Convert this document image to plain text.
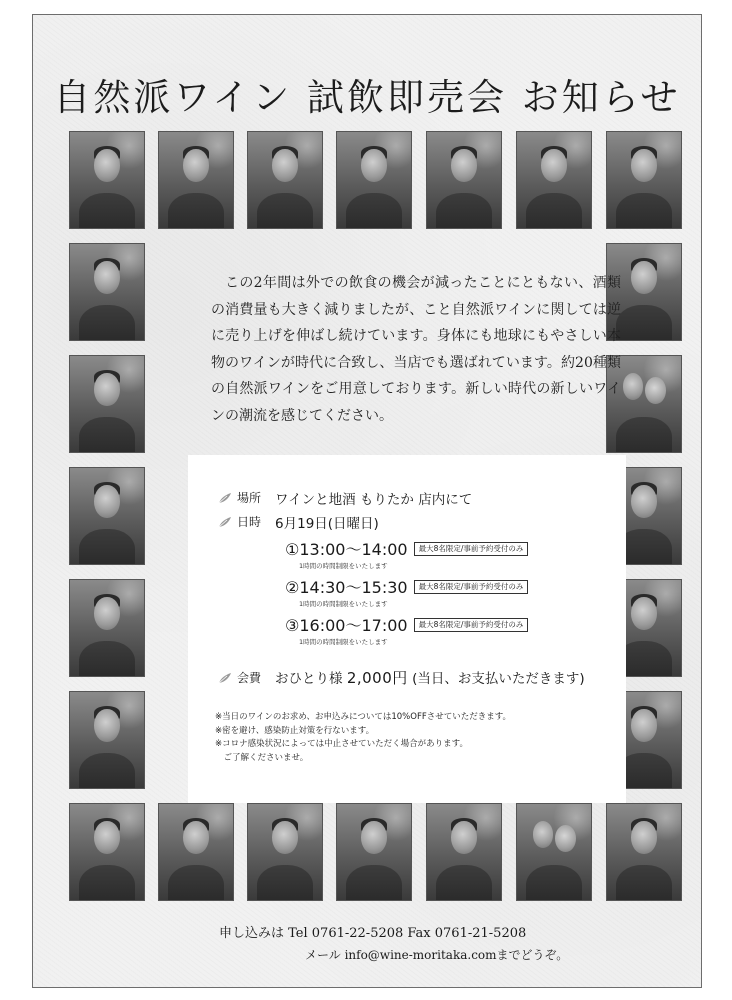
自然派ワイン 試飲即売会 お知らせ

この2年間は外での飲食の機会が減ったことにともない、酒類の消費量も大きく減りましたが、こと自然派ワインに関しては逆に売り上げを伸ばし続けています。身体にも地球にもやさしい本物のワインが時代に合致し、当店でも選ばれています。約20種類の自然派ワインをご用意しております。新しい時代の新しいワインの潮流を感じてください。

場所 ワインと地酒 もりたか 店内にて
日時 6月19日(日曜日)
①13:00〜14:00 最大8名限定/事前予約受付のみ
1時間の時間制限をいたします
②14:30〜15:30 最大8名限定/事前予約受付のみ
1時間の時間制限をいたします
③16:00〜17:00 最大8名限定/事前予約受付のみ
1時間の時間制限をいたします
会費 おひとり様 2,000円 (当日、お支払いただきます)
※当日のワインのお求め、お申込みについては10%OFFさせていただきます。
※密を避け、感染防止対策を行ないます。
※コロナ感染状況によっては中止させていただく場合があります。
　ご了解くださいませ。
申し込みは Tel 0761-22-5208 Fax 0761-21-5208
メール info@wine-moritaka.comまでどうぞ。
